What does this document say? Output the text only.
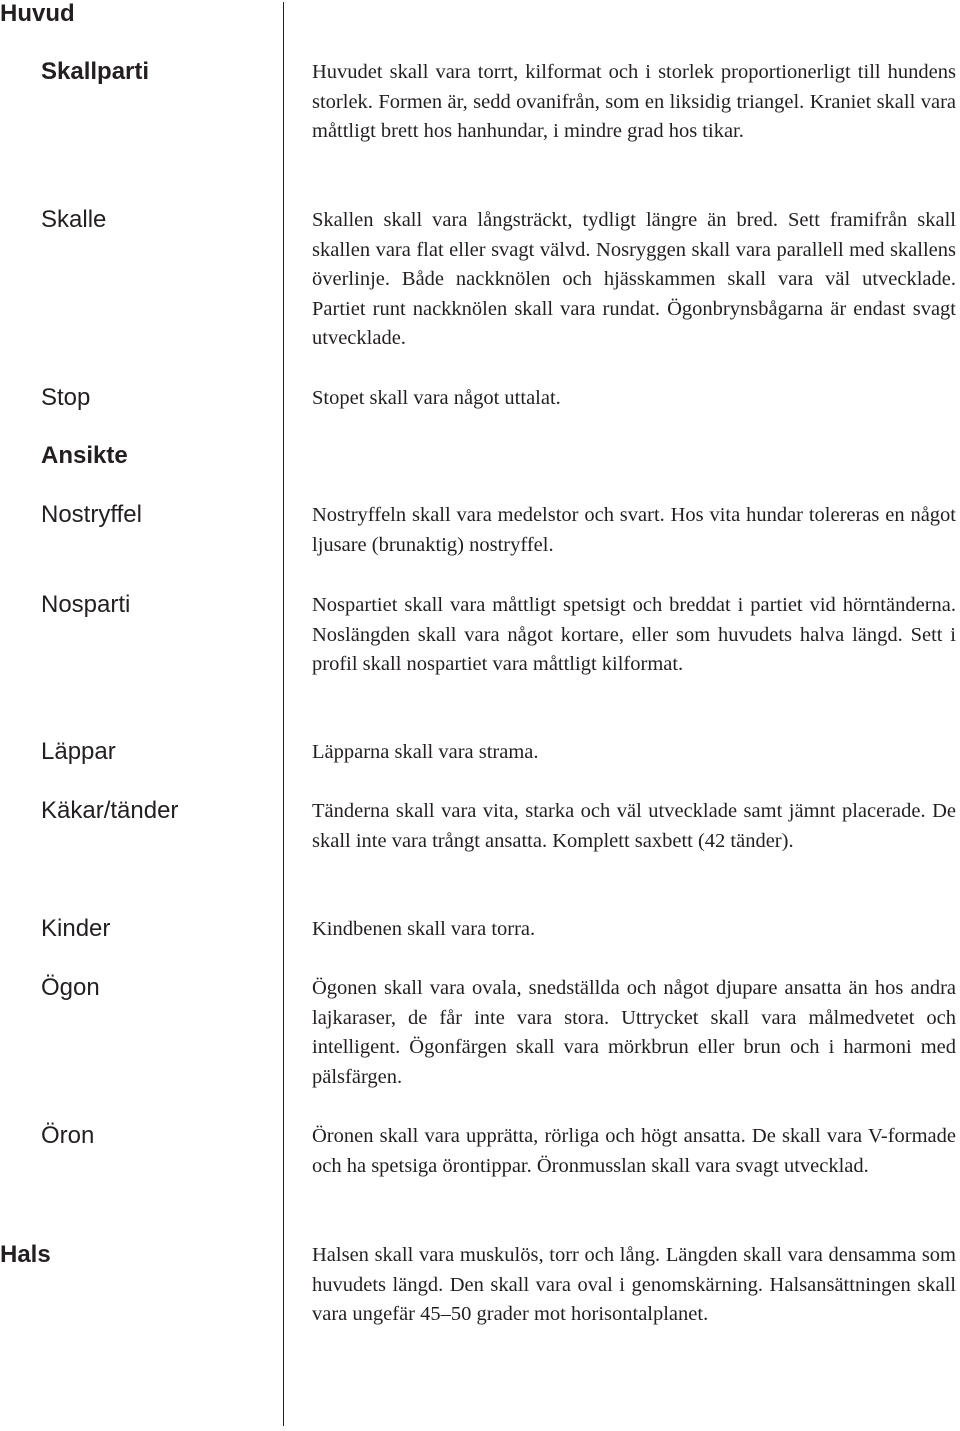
Huvud
Skallparti
Skalle
Stop
Ansikte
Nostryffel
Nosparti
Läppar
Käkar/tänder
Kinder
Ögon
Öron
Hals
Huvudet skall vara torrt, kilformat och i storlek proportionerligt till hundens storlek. Formen är, sedd ovanifrån, som en liksidig triangel. Kraniet skall vara måttligt brett hos hanhundar, i mindre grad hos tikar.
Skallen skall vara långsträckt, tydligt längre än bred. Sett framifrån skall skallen vara flat eller svagt välvd. Nosryggen skall vara parallell med skallens överlinje. Både nackknölen och hjässkammen skall vara väl utvecklade. Partiet runt nackknölen skall vara rundat. Ögonbrynsbågarna är endast svagt utvecklade.
Stopet skall vara något uttalat.
Nostryffeln skall vara medelstor och svart. Hos vita hundar tolereras en något ljusare (brunaktig) nostryffel.
Nospartiet skall vara måttligt spetsigt och breddat i partiet vid hörntänderna. Noslängden skall vara något kortare, eller som huvudets halva längd. Sett i profil skall nospartiet vara måttligt kilformat.
Läpparna skall vara strama.
Tänderna skall vara vita, starka och väl utvecklade samt jämnt placerade. De skall inte vara trångt ansatta. Komplett saxbett (42 tänder).
Kindbenen skall vara torra.
Ögonen skall vara ovala, snedställda och något djupare ansatta än hos andra lajkaraser, de får inte vara stora. Uttrycket skall vara målmedvetet och intelligent. Ögonfärgen skall vara mörkbrun eller brun och i harmoni med pälsfärgen.
Öronen skall vara upprätta, rörliga och högt ansatta. De skall vara V-formade och ha spetsiga örontippar. Öronmusslan skall vara svagt utvecklad.
Halsen skall vara muskulös, torr och lång. Längden skall vara densamma som huvudets längd. Den skall vara oval i genomskärning. Halsansättningen skall vara ungefär 45–50 grader mot horisontalplanet.
